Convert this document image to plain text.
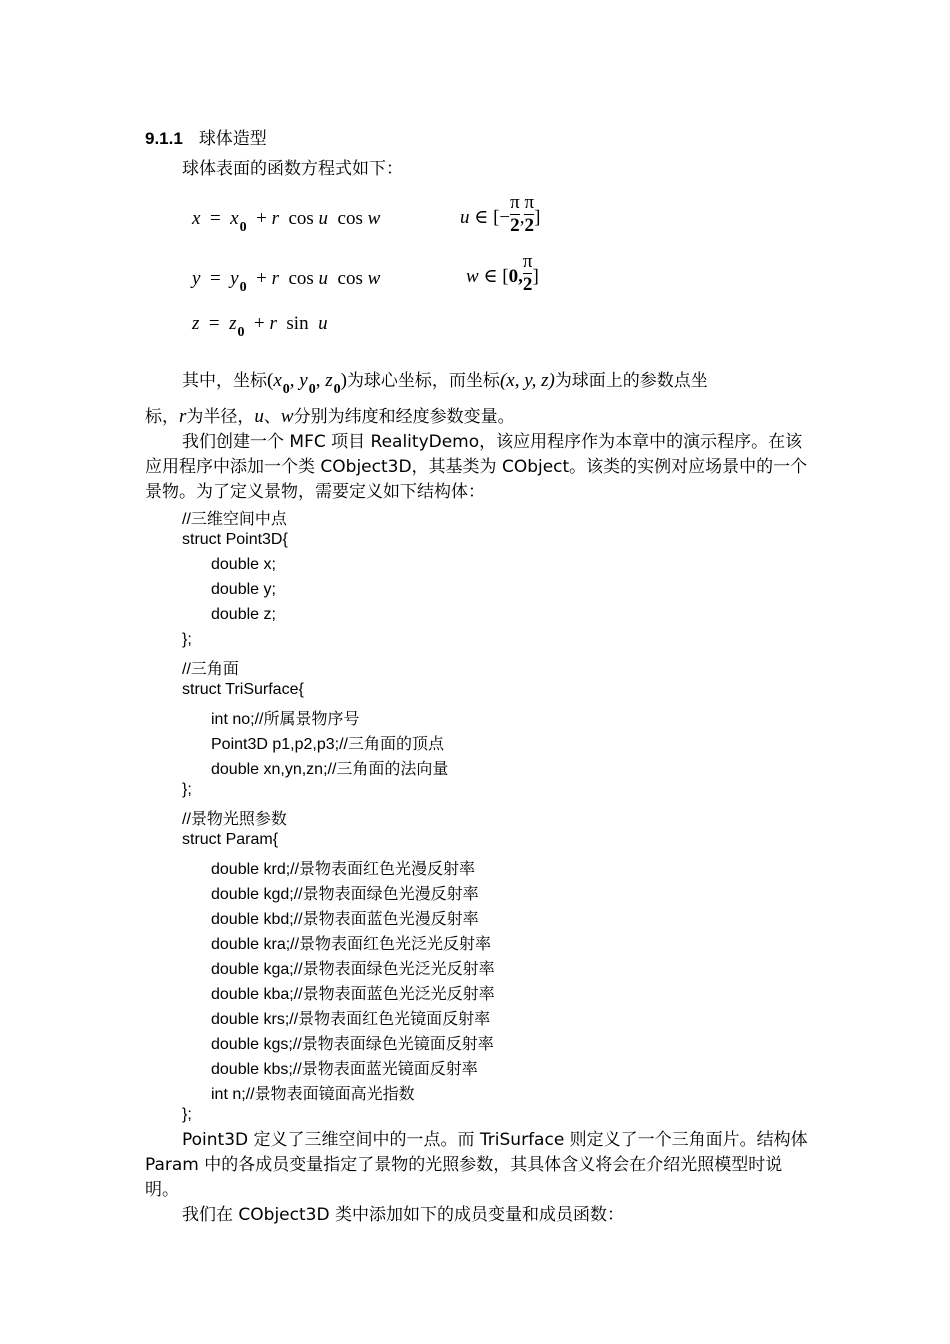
9.1.1 球体造型
球体表面的函数方程式如下：
$x = x_0 + r$ cos u cos w	u ∈ [− $\frac{\pi}{2}$ , $\frac{\pi}{2}$ ]
$y = y_0 + r$ cos u cos w	w ∈ [0, $\frac{\pi}{2}$ ]
$z = z_0 + r$ sin u
其中，坐标($x_0$, $y_0$, $z_0$)为球心坐标，而坐标(x, y, z)为球面上的参数点坐
标，r为半径，u、w分别为纬度和经度参数变量。
我们创建一个 MFC 项目 RealityDemo，该应用程序作为本章中的演示程序。在该应用程序中添加一个类 CObject3D，其基类为 CObject。该类的实例对应场景中的一个景物。为了定义景物，需要定义如下结构体：
//三维空间中点
struct Point3D{
double x;
double y;
double z;
};
//三角面
struct TriSurface{
int no;//所属景物序号
Point3D p1,p2,p3;//三角面的顶点
double xn,yn,zn;//三角面的法向量
};
//景物光照参数
struct Param{
double krd;//景物表面红色光漫反射率
double kgd;//景物表面绿色光漫反射率
double kbd;//景物表面蓝色光漫反射率
double kra;//景物表面红色光泛光反射率
double kga;//景物表面绿色光泛光反射率
double kba;//景物表面蓝色光泛光反射率
double krs;//景物表面红色光镜面反射率
double kgs;//景物表面绿色光镜面反射率
double kbs;//景物表面蓝光镜面反射率
int n;//景物表面镜面高光指数
};
Point3D 定义了三维空间中的一点。而 TriSurface 则定义了一个三角面片。结构体 Param 中的各成员变量指定了景物的光照参数，其具体含义将会在介绍光照模型时说明。
我们在 CObject3D 类中添加如下的成员变量和成员函数：
